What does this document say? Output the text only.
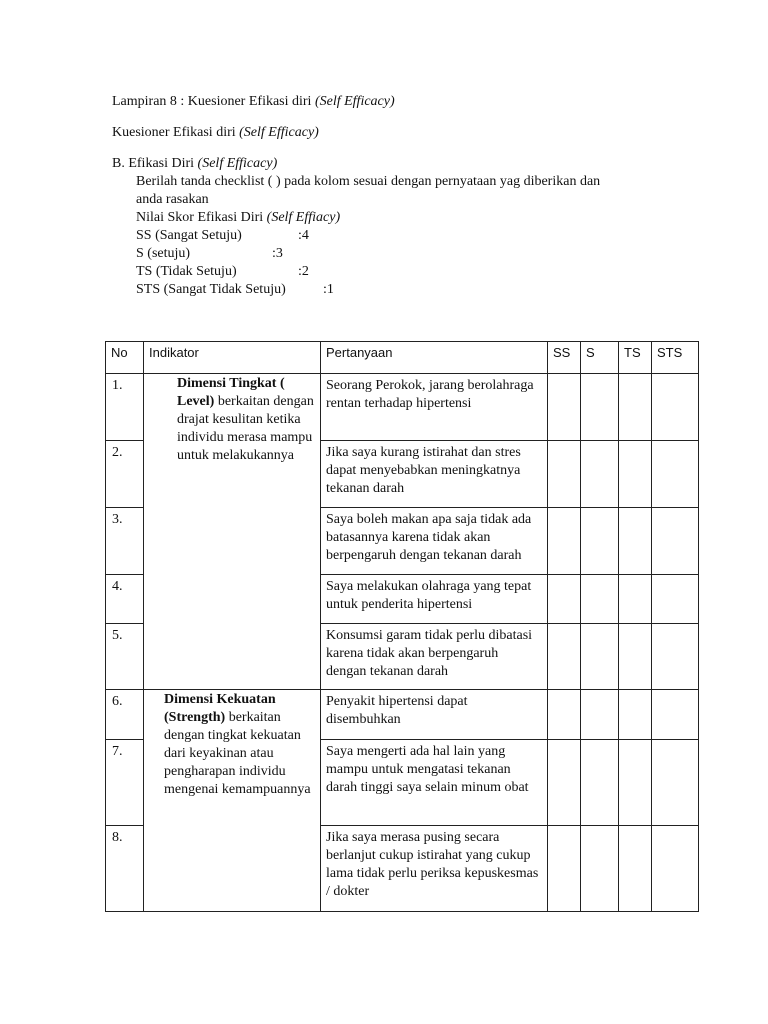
Lampiran 8 : Kuesioner Efikasi diri (Self Efficacy)
Kuesioner Efikasi diri (Self Efficacy)
B. Efikasi Diri (Self Efficacy)
Berilah tanda checklist ( ) pada kolom sesuai dengan pernyataan yag diberikan dan
anda rasakan
Nilai Skor Efikasi Diri (Self Effiacy)
SS (Sangat Setuju)	:4
S (setuju)	:3
TS (Tidak Setuju)	:2
STS (Sangat Tidak Setuju)	:1
No	Indikator	Pertanyaan	SS	S	TS	STS
1.	Dimensi Tingkat ( Level) berkaitan dengan drajat kesulitan ketika individu merasa mampu untuk melakukannya	Seorang Perokok, jarang berolahraga rentan terhadap hipertensi				
2.		Jika saya kurang istirahat dan stres dapat menyebabkan meningkatnya tekanan darah				
3.		Saya boleh makan apa saja tidak ada batasannya karena tidak akan berpengaruh dengan tekanan darah				
4.		Saya melakukan olahraga yang tepat untuk penderita hipertensi				
5.		Konsumsi garam tidak perlu dibatasi karena tidak akan berpengaruh dengan tekanan darah				
6.	Dimensi Kekuatan (Strength) berkaitan dengan tingkat kekuatan dari keyakinan atau pengharapan individu mengenai kemampuannya	Penyakit hipertensi dapat disembuhkan				
7.		Saya mengerti ada hal lain yang mampu untuk mengatasi tekanan darah tinggi saya selain minum obat				
8.		Jika saya merasa pusing secara berlanjut cukup istirahat yang cukup lama tidak perlu periksa kepuskesmas / dokter				
